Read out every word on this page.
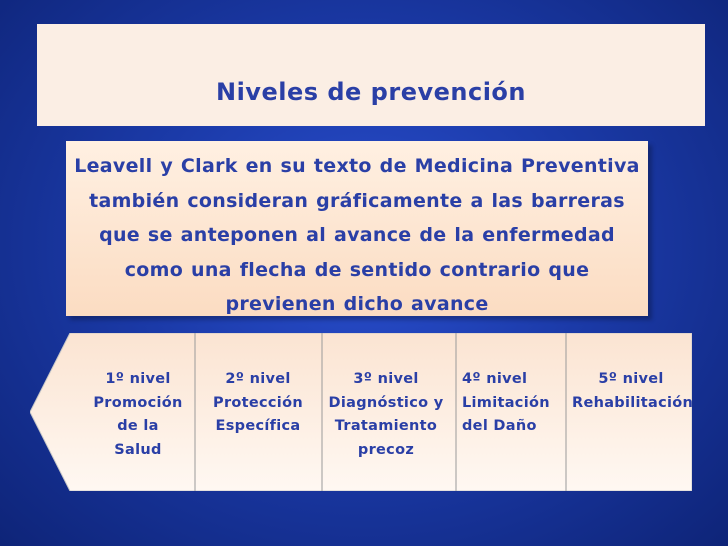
Niveles de prevención
Leavell y Clark en su texto de Medicina Preventiva también consideran gráficamente a las barreras que se anteponen al avance de la enfermedad como una flecha de sentido contrario que previenen dicho avance
1º nivel
Promoción
de la
Salud
2º nivel
Protección
Específica
3º nivel
Diagnóstico y
Tratamiento
precoz
4º nivel
Limitación
del Daño
5º nivel
Rehabilitación
